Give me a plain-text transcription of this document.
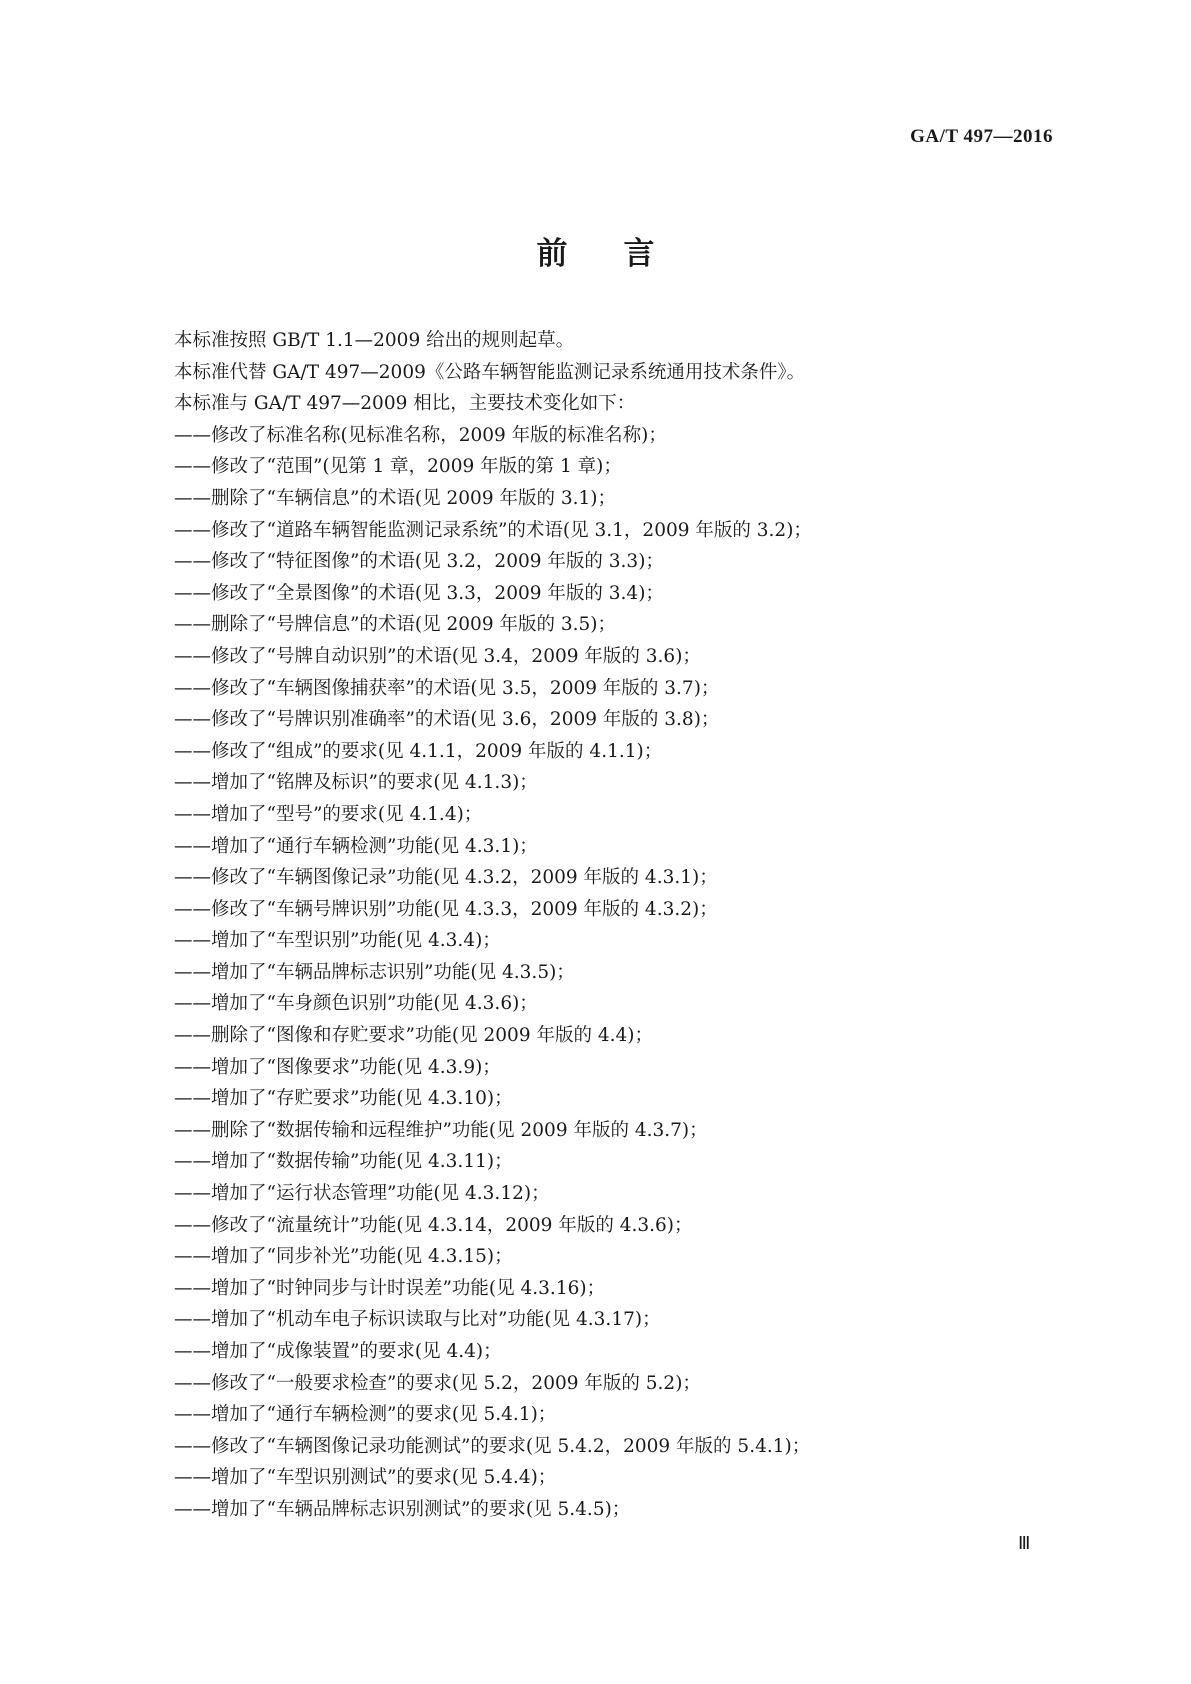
GA/T 497—2016
前言
本标准按照 GB/T 1.1—2009 给出的规则起草。
本标准代替 GA/T 497—2009《公路车辆智能监测记录系统通用技术条件》。
本标准与 GA/T 497—2009 相比，主要技术变化如下：
——修改了标准名称(见标准名称，2009 年版的标准名称)；
——修改了“范围”(见第 1 章，2009 年版的第 1 章)；
——删除了“车辆信息”的术语(见 2009 年版的 3.1)；
——修改了“道路车辆智能监测记录系统”的术语(见 3.1，2009 年版的 3.2)；
——修改了“特征图像”的术语(见 3.2，2009 年版的 3.3)；
——修改了“全景图像”的术语(见 3.3，2009 年版的 3.4)；
——删除了“号牌信息”的术语(见 2009 年版的 3.5)；
——修改了“号牌自动识别”的术语(见 3.4，2009 年版的 3.6)；
——修改了“车辆图像捕获率”的术语(见 3.5，2009 年版的 3.7)；
——修改了“号牌识别准确率”的术语(见 3.6，2009 年版的 3.8)；
——修改了“组成”的要求(见 4.1.1，2009 年版的 4.1.1)；
——增加了“铭牌及标识”的要求(见 4.1.3)；
——增加了“型号”的要求(见 4.1.4)；
——增加了“通行车辆检测”功能(见 4.3.1)；
——修改了“车辆图像记录”功能(见 4.3.2，2009 年版的 4.3.1)；
——修改了“车辆号牌识别”功能(见 4.3.3，2009 年版的 4.3.2)；
——增加了“车型识别”功能(见 4.3.4)；
——增加了“车辆品牌标志识别”功能(见 4.3.5)；
——增加了“车身颜色识别”功能(见 4.3.6)；
——删除了“图像和存贮要求”功能(见 2009 年版的 4.4)；
——增加了“图像要求”功能(见 4.3.9)；
——增加了“存贮要求”功能(见 4.3.10)；
——删除了“数据传输和远程维护”功能(见 2009 年版的 4.3.7)；
——增加了“数据传输”功能(见 4.3.11)；
——增加了“运行状态管理”功能(见 4.3.12)；
——修改了“流量统计”功能(见 4.3.14，2009 年版的 4.3.6)；
——增加了“同步补光”功能(见 4.3.15)；
——增加了“时钟同步与计时误差”功能(见 4.3.16)；
——增加了“机动车电子标识读取与比对”功能(见 4.3.17)；
——增加了“成像装置”的要求(见 4.4)；
——修改了“一般要求检查”的要求(见 5.2，2009 年版的 5.2)；
——增加了“通行车辆检测”的要求(见 5.4.1)；
——修改了“车辆图像记录功能测试”的要求(见 5.4.2，2009 年版的 5.4.1)；
——增加了“车型识别测试”的要求(见 5.4.4)；
——增加了“车辆品牌标志识别测试”的要求(见 5.4.5)；
Ⅲ
